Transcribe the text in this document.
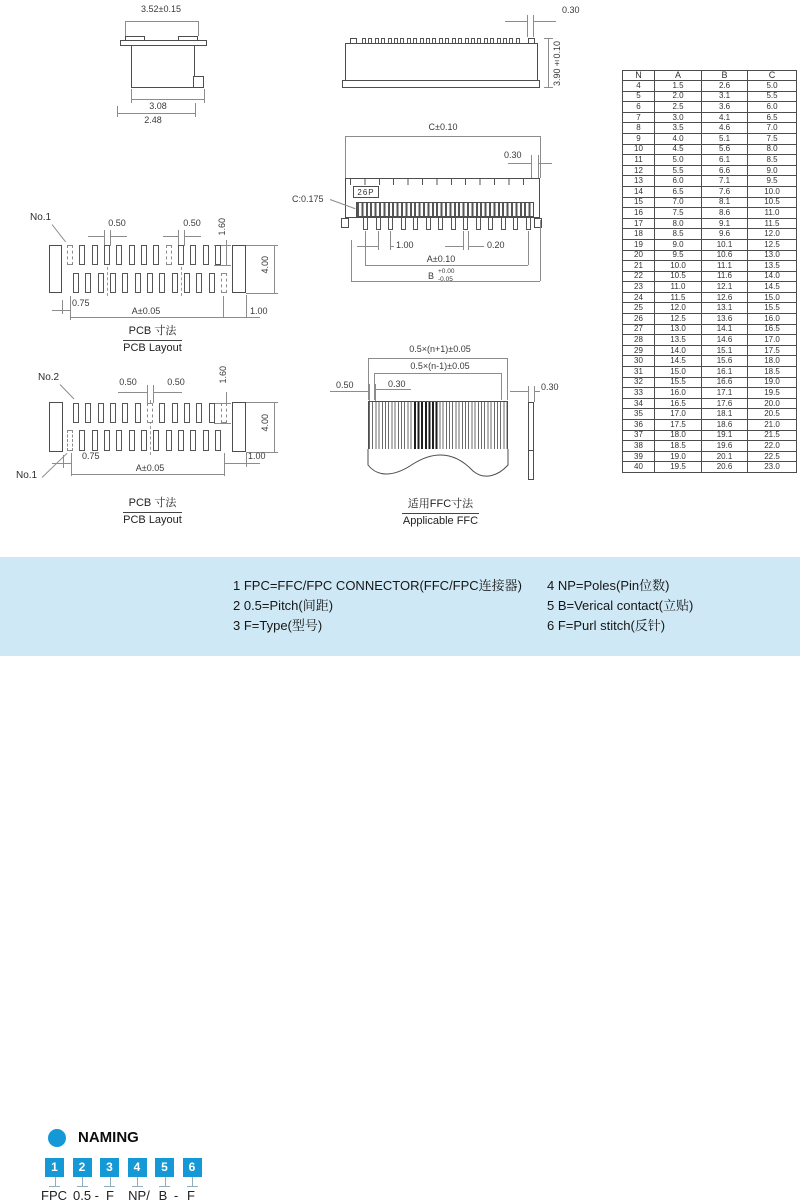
3.52±0.15
3.08
2.48
0.30
3.90±0.10
C±0.10
0.30
26P
C:0.175
1.00	0.20
A±0.10
B +0.00
-0.05
No.1	0.50	0.50 1.60
4.00
0.75
A±0.05	1.00
PCB 寸法
PCB Layout
No.2	0.50	0.50	1.60
4.00
0.75	1.00
A±0.05
No.1
PCB 寸法
PCB Layout
0.5×(n+1)±0.05
0.5×(n-1)±0.05
0.50	0.30	0.30
适用FFC寸法
Applicable FFC
N	A	B	C
4	1.5	2.6	5.0
5	2.0	3.1	5.5
6	2.5	3.6	6.0
7	3.0	4.1	6.5
8	3.5	4.6	7.0
9	4.0	5.1	7.5
10	4.5	5.6	8.0
11	5.0	6.1	8.5
12	5.5	6.6	9.0
13	6.0	7.1	9.5
14	6.5	7.6	10.0
15	7.0	8.1	10.5
16	7.5	8.6	11.0
17	8.0	9.1	11.5
18	8.5	9.6	12.0
19	9.0	10.1	12.5
20	9.5	10.6	13.0
21	10.0	11.1	13.5
22	10.5	11.6	14.0
23	11.0	12.1	14.5
24	11.5	12.6	15.0
25	12.0	13.1	15.5
26	12.5	13.6	16.0
27	13.0	14.1	16.5
28	13.5	14.6	17.0
29	14.0	15.1	17.5
30	14.5	15.6	18.0
31	15.0	16.1	18.5
32	15.5	16.6	19.0
33	16.0	17.1	19.5
34	16.5	17.6	20.0
35	17.0	18.1	20.5
36	17.5	18.6	21.0
37	18.0	19.1	21.5
38	18.5	19.6	22.0
39	19.0	20.1	22.5
40	19.5	20.6	23.0
NAMING
1	2	3	4	5	6
FPC 0.5 - F NP/ B - F
1 FPC=FFC/FPC CONNECTOR(FFC/FPC连接器)
2 0.5=Pitch(间距)
3 F=Type(型号)
4 NP=Poles(Pin位数)
5 B=Verical contact(立贴)
6 F=Purl stitch(反针)
